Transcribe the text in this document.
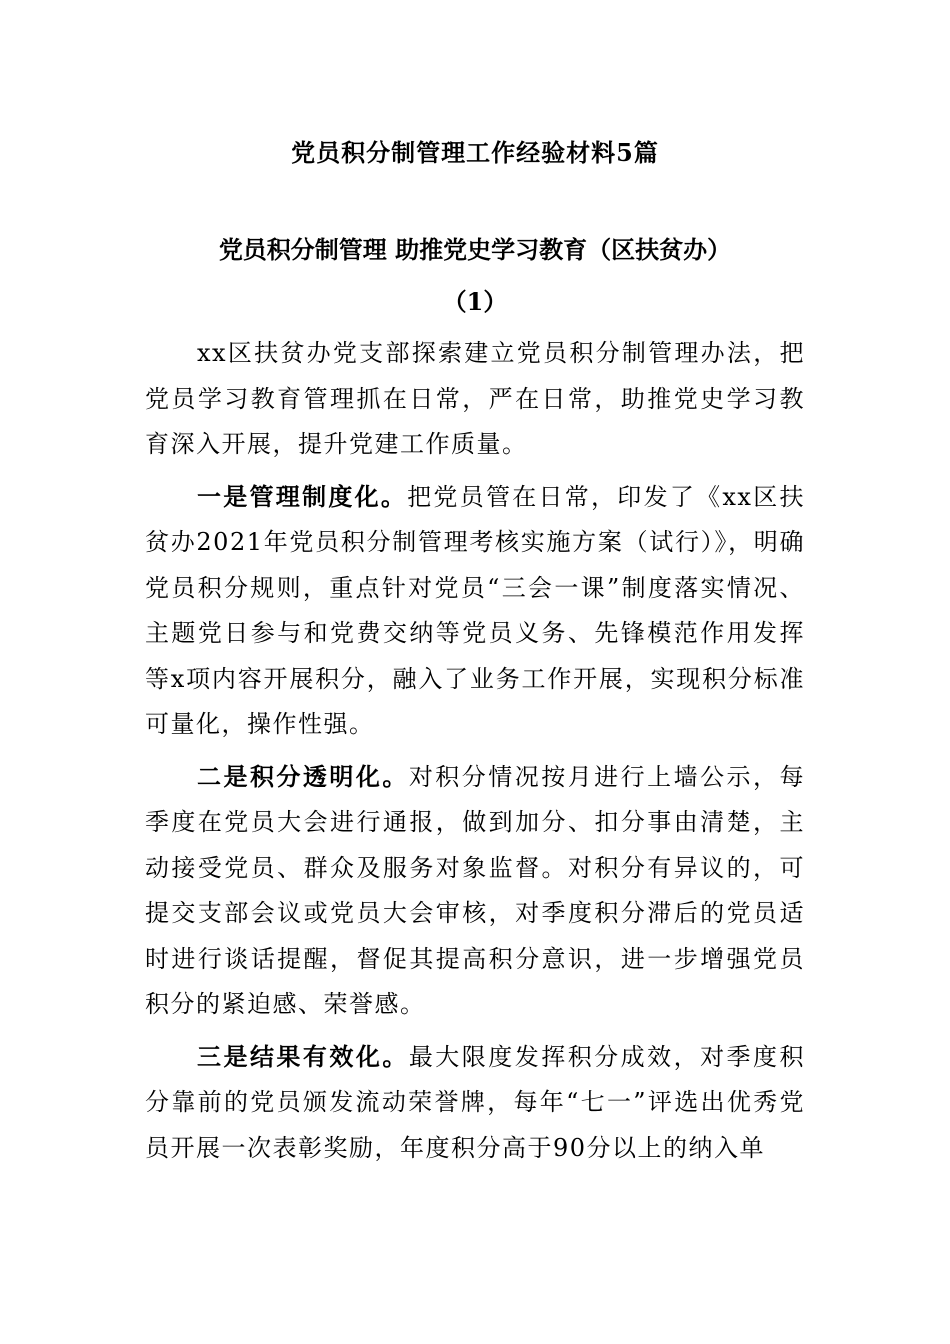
党员积分制管理工作经验材料5篇
党员积分制管理 助推党史学习教育（区扶贫办）
（1）

xx区扶贫办党支部探索建立党员积分制管理办法，把党员学习教育管理抓在日常，严在日常，助推党史学习教育深入开展，提升党建工作质量。

一是管理制度化。把党员管在日常，印发了《xx区扶贫办2021年党员积分制管理考核实施方案（试行）》，明确党员积分规则，重点针对党员“三会一课”制度落实情况、主题党日参与和党费交纳等党员义务、先锋模范作用发挥等x项内容开展积分，融入了业务工作开展，实现积分标准可量化，操作性强。

二是积分透明化。对积分情况按月进行上墙公示，每季度在党员大会进行通报，做到加分、扣分事由清楚，主动接受党员、群众及服务对象监督。对积分有异议的，可提交支部会议或党员大会审核，对季度积分滞后的党员适时进行谈话提醒，督促其提高积分意识，进一步增强党员积分的紧迫感、荣誉感。

三是结果有效化。最大限度发挥积分成效，对季度积分靠前的党员颁发流动荣誉牌，每年“七一”评选出优秀党员开展一次表彰奖励，年度积分高于90分以上的纳入单
